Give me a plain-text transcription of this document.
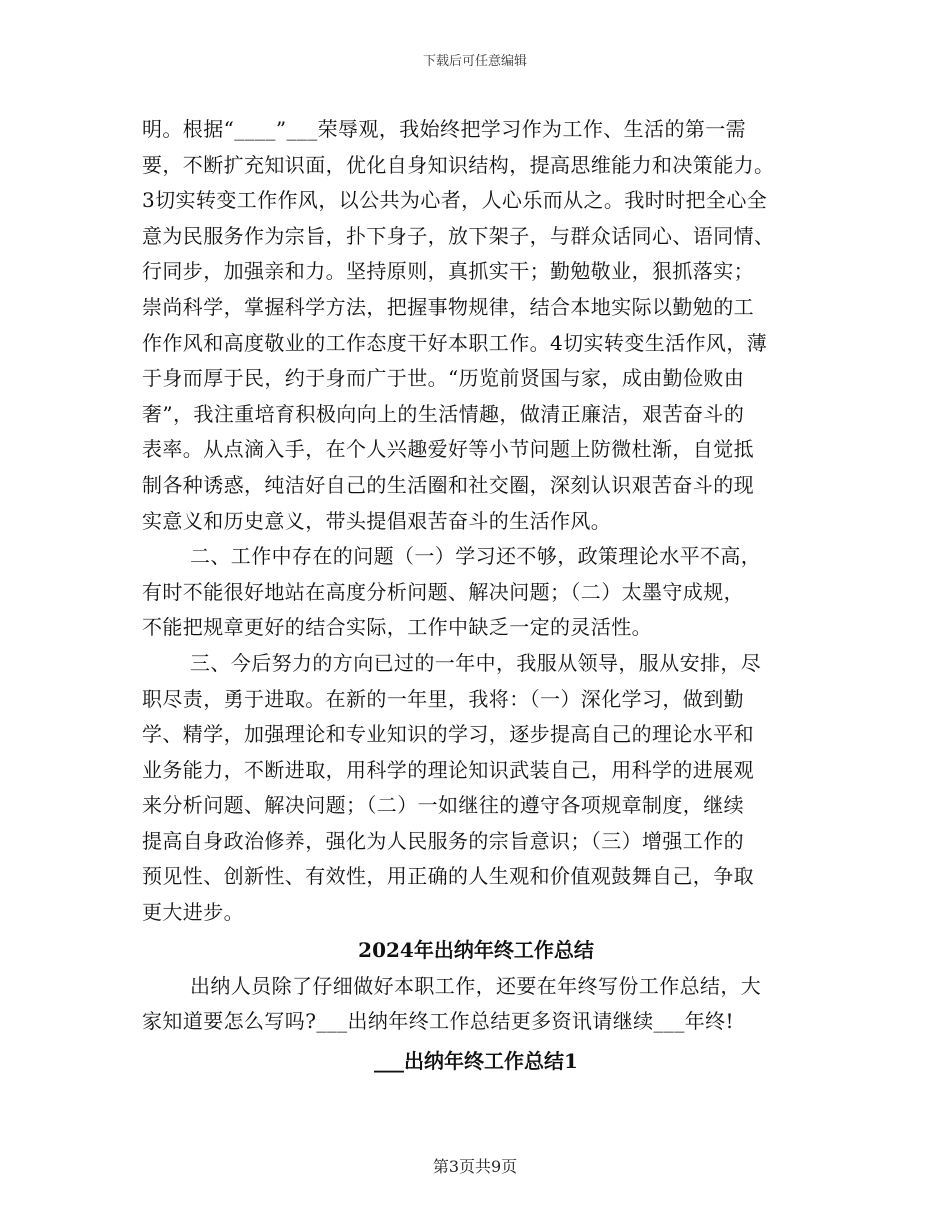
下载后可任意编辑
明。根据“____”___荣辱观，我始终把学习作为工作、生活的第一需
要，不断扩充知识面，优化自身知识结构，提高思维能力和决策能力。
3切实转变工作作风，以公共为心者，人心乐而从之。我时时把全心全
意为民服务作为宗旨，扑下身子，放下架子，与群众话同心、语同情、
行同步，加强亲和力。坚持原则，真抓实干；勤勉敬业，狠抓落实；
崇尚科学，掌握科学方法，把握事物规律，结合本地实际以勤勉的工
作作风和高度敬业的工作态度干好本职工作。4切实转变生活作风，薄
于身而厚于民，约于身而广于世。“历览前贤国与家，成由勤俭败由
奢”，我注重培育积极向向上的生活情趣，做清正廉洁，艰苦奋斗的
表率。从点滴入手，在个人兴趣爱好等小节问题上防微杜渐，自觉抵
制各种诱惑，纯洁好自己的生活圈和社交圈，深刻认识艰苦奋斗的现
实意义和历史意义，带头提倡艰苦奋斗的生活作风。
二、工作中存在的问题（一）学习还不够，政策理论水平不高，
有时不能很好地站在高度分析问题、解决问题；（二）太墨守成规，
不能把规章更好的结合实际，工作中缺乏一定的灵活性。
三、今后努力的方向已过的一年中，我服从领导，服从安排，尽
职尽责，勇于进取。在新的一年里，我将：（一）深化学习，做到勤
学、精学，加强理论和专业知识的学习，逐步提高自己的理论水平和
业务能力，不断进取，用科学的理论知识武装自己，用科学的进展观
来分析问题、解决问题；（二）一如继往的遵守各项规章制度，继续
提高自身政治修养，强化为人民服务的宗旨意识；（三）增强工作的
预见性、创新性、有效性，用正确的人生观和价值观鼓舞自己，争取
更大进步。
2024年出纳年终工作总结
出纳人员除了仔细做好本职工作，还要在年终写份工作总结，大
家知道要怎么写吗?___出纳年终工作总结更多资讯请继续___年终!
___出纳年终工作总结1
第3页共9页
